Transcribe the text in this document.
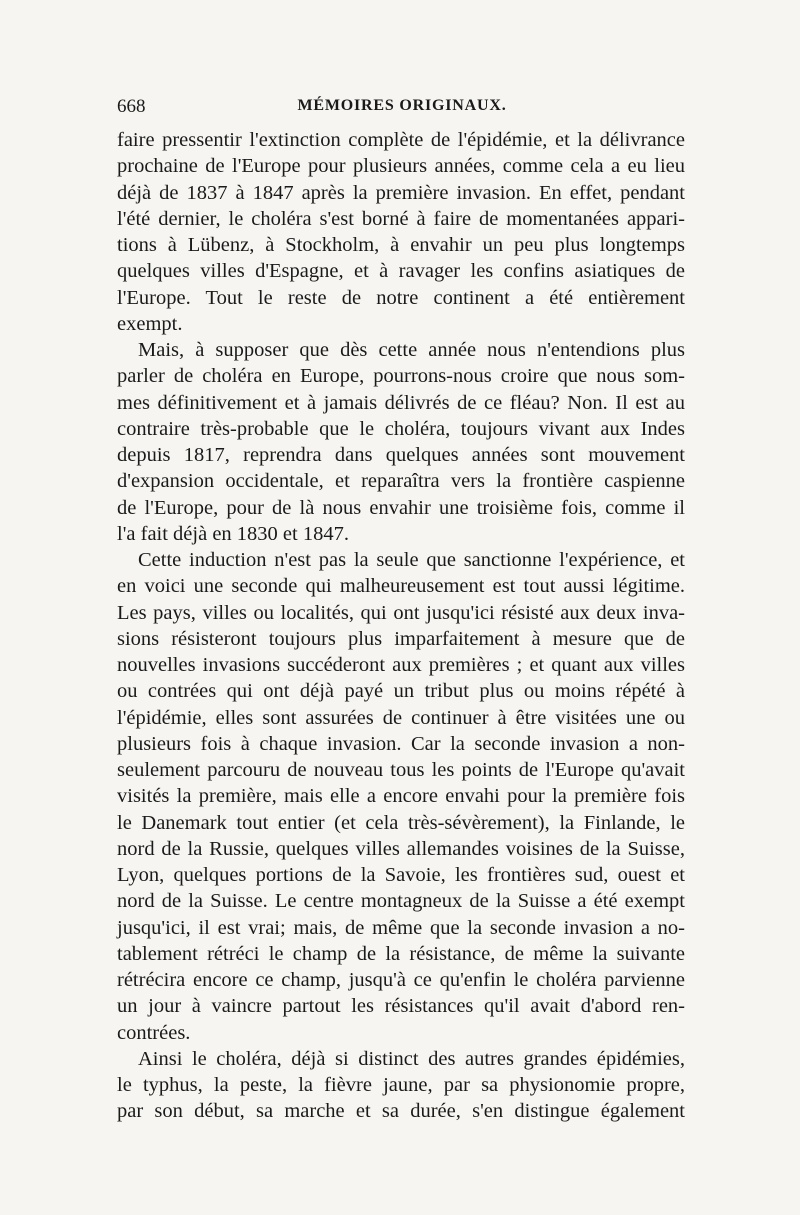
668	MÉMOIRES ORIGINAUX.
faire pressentir l'extinction complète de l'épidémie, et la délivrance
prochaine de l'Europe pour plusieurs années, comme cela a eu lieu
déjà de 1837 à 1847 après la première invasion. En effet, pendant
l'été dernier, le choléra s'est borné à faire de momentanées appari-
tions à Lübenz, à Stockholm, à envahir un peu plus longtemps
quelques villes d'Espagne, et à ravager les confins asiatiques de
l'Europe. Tout le reste de notre continent a été entièrement
exempt.
Mais, à supposer que dès cette année nous n'entendions plus
parler de choléra en Europe, pourrons-nous croire que nous som-
mes définitivement et à jamais délivrés de ce fléau? Non. Il est au
contraire très-probable que le choléra, toujours vivant aux Indes
depuis 1817, reprendra dans quelques années sont mouvement
d'expansion occidentale, et reparaîtra vers la frontière caspienne
de l'Europe, pour de là nous envahir une troisième fois, comme il
l'a fait déjà en 1830 et 1847.
Cette induction n'est pas la seule que sanctionne l'expérience, et
en voici une seconde qui malheureusement est tout aussi légitime.
Les pays, villes ou localités, qui ont jusqu'ici résisté aux deux inva-
sions résisteront toujours plus imparfaitement à mesure que de
nouvelles invasions succéderont aux premières ; et quant aux villes
ou contrées qui ont déjà payé un tribut plus ou moins répété à
l'épidémie, elles sont assurées de continuer à être visitées une ou
plusieurs fois à chaque invasion. Car la seconde invasion a non-
seulement parcouru de nouveau tous les points de l'Europe qu'avait
visités la première, mais elle a encore envahi pour la première fois
le Danemark tout entier (et cela très-sévèrement), la Finlande, le
nord de la Russie, quelques villes allemandes voisines de la Suisse,
Lyon, quelques portions de la Savoie, les frontières sud, ouest et
nord de la Suisse. Le centre montagneux de la Suisse a été exempt
jusqu'ici, il est vrai; mais, de même que la seconde invasion a no-
tablement rétréci le champ de la résistance, de même la suivante
rétrécira encore ce champ, jusqu'à ce qu'enfin le choléra parvienne
un jour à vaincre partout les résistances qu'il avait d'abord ren-
contrées.
Ainsi le choléra, déjà si distinct des autres grandes épidémies,
le typhus, la peste, la fièvre jaune, par sa physionomie propre,
par son début, sa marche et sa durée, s'en distingue également
